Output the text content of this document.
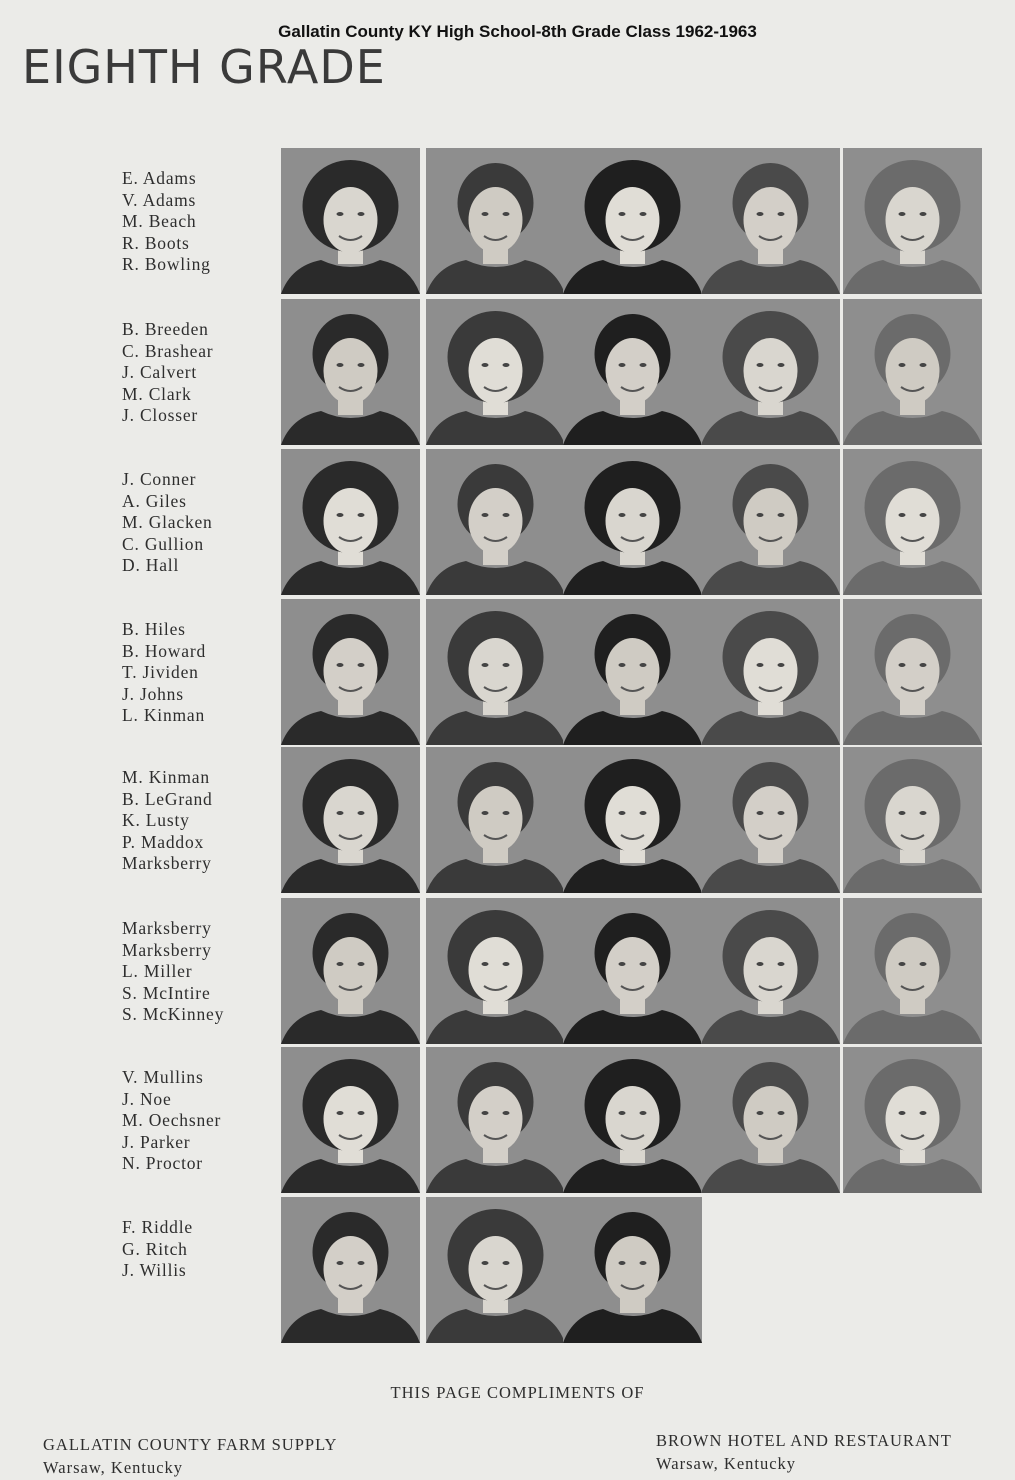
Gallatin County KY High School-8th Grade Class 1962-1963
EIGHTH GRADE
E. Adams
V. Adams
M. Beach
R. Boots
R. Bowling
B. Breeden
C. Brashear
J. Calvert
M. Clark
J. Closser
J. Conner
A. Giles
M. Glacken
C. Gullion
D. Hall
B. Hiles
B. Howard
T. Jividen
J. Johns
L. Kinman
M. Kinman
B. LeGrand
K. Lusty
P. Maddox
Marksberry
Marksberry
Marksberry
L. Miller
S. McIntire
S. McKinney
V. Mullins
J. Noe
M. Oechsner
J. Parker
N. Proctor
F. Riddle
G. Ritch
J. Willis
THIS PAGE COMPLIMENTS OF
GALLATIN COUNTY FARM SUPPLY
Warsaw, Kentucky
BROWN HOTEL AND RESTAURANT
Warsaw, Kentucky
